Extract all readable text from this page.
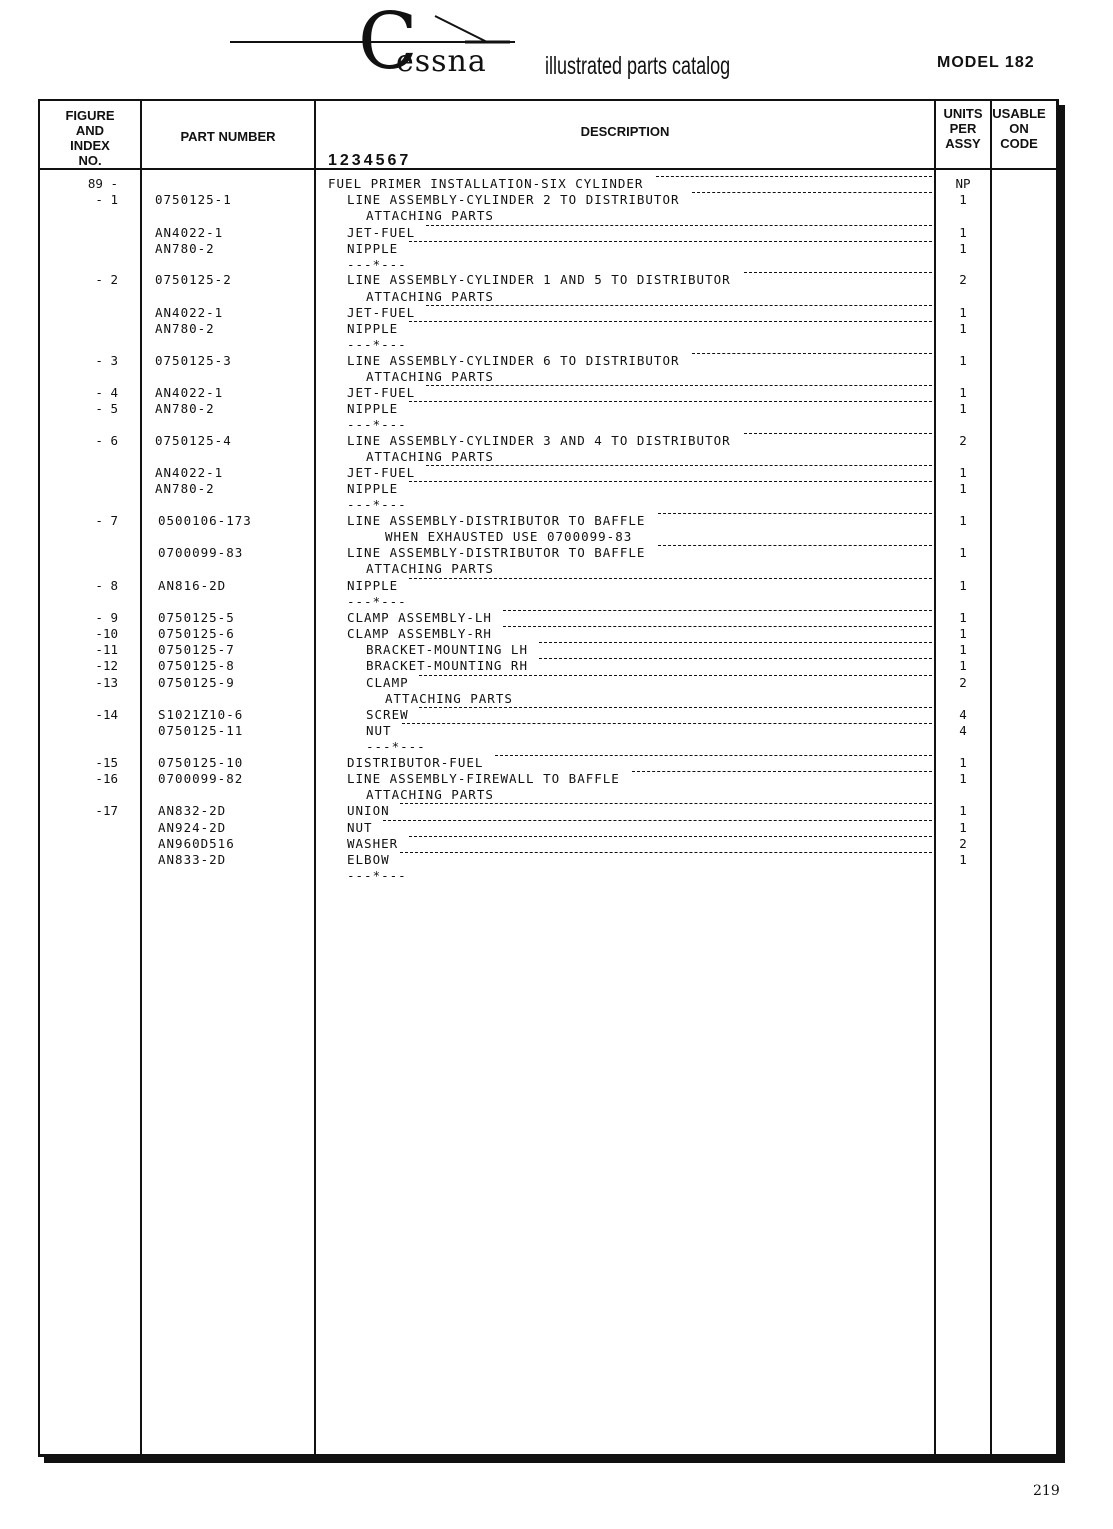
C
essna illustrated parts catalog	MODEL 182
FIGURE
AND
INDEX
NO.
PART NUMBER	DESCRIPTION
1234567
UNITS
PER
ASSY
USABLE
ON
CODE
89 -	FUEL PRIMER INSTALLATION-SIX CYLINDER	NP
- 1	0750125-1	LINE ASSEMBLY-CYLINDER 2 TO DISTRIBUTOR	1
ATTACHING PARTS
AN4022-1	JET-FUEL	1
AN780-2	NIPPLE	1
---*---
- 2	0750125-2	LINE ASSEMBLY-CYLINDER 1 AND 5 TO DISTRIBUTOR	2
ATTACHING PARTS
AN4022-1	JET-FUEL	1
AN780-2	NIPPLE	1
---*---
- 3	0750125-3	LINE ASSEMBLY-CYLINDER 6 TO DISTRIBUTOR	1
ATTACHING PARTS
- 4	AN4022-1	JET-FUEL	1
- 5	AN780-2	NIPPLE	1
---*---
- 6	0750125-4	LINE ASSEMBLY-CYLINDER 3 AND 4 TO DISTRIBUTOR	2
ATTACHING PARTS
AN4022-1	JET-FUEL	1
AN780-2	NIPPLE	1
---*---
- 7	0500106-173	LINE ASSEMBLY-DISTRIBUTOR TO BAFFLE	1
WHEN EXHAUSTED USE 0700099-83
0700099-83	LINE ASSEMBLY-DISTRIBUTOR TO BAFFLE	1
ATTACHING PARTS
- 8	AN816-2D	NIPPLE	1
---*---
- 9	0750125-5	CLAMP ASSEMBLY-LH	1
-10	0750125-6	CLAMP ASSEMBLY-RH	1
-11	0750125-7	BRACKET-MOUNTING LH	1
-12	0750125-8	BRACKET-MOUNTING RH	1
-13	0750125-9	CLAMP	2
ATTACHING PARTS
-14	S1021Z10-6	SCREW	4
0750125-11	NUT	4
---*---
-15	0750125-10	DISTRIBUTOR-FUEL	1
-16	0700099-82	LINE ASSEMBLY-FIREWALL TO BAFFLE	1
ATTACHING PARTS
-17	AN832-2D	UNION	1
AN924-2D	NUT	1
AN960D516	WASHER	2
AN833-2D	ELBOW	1
---*---
219
